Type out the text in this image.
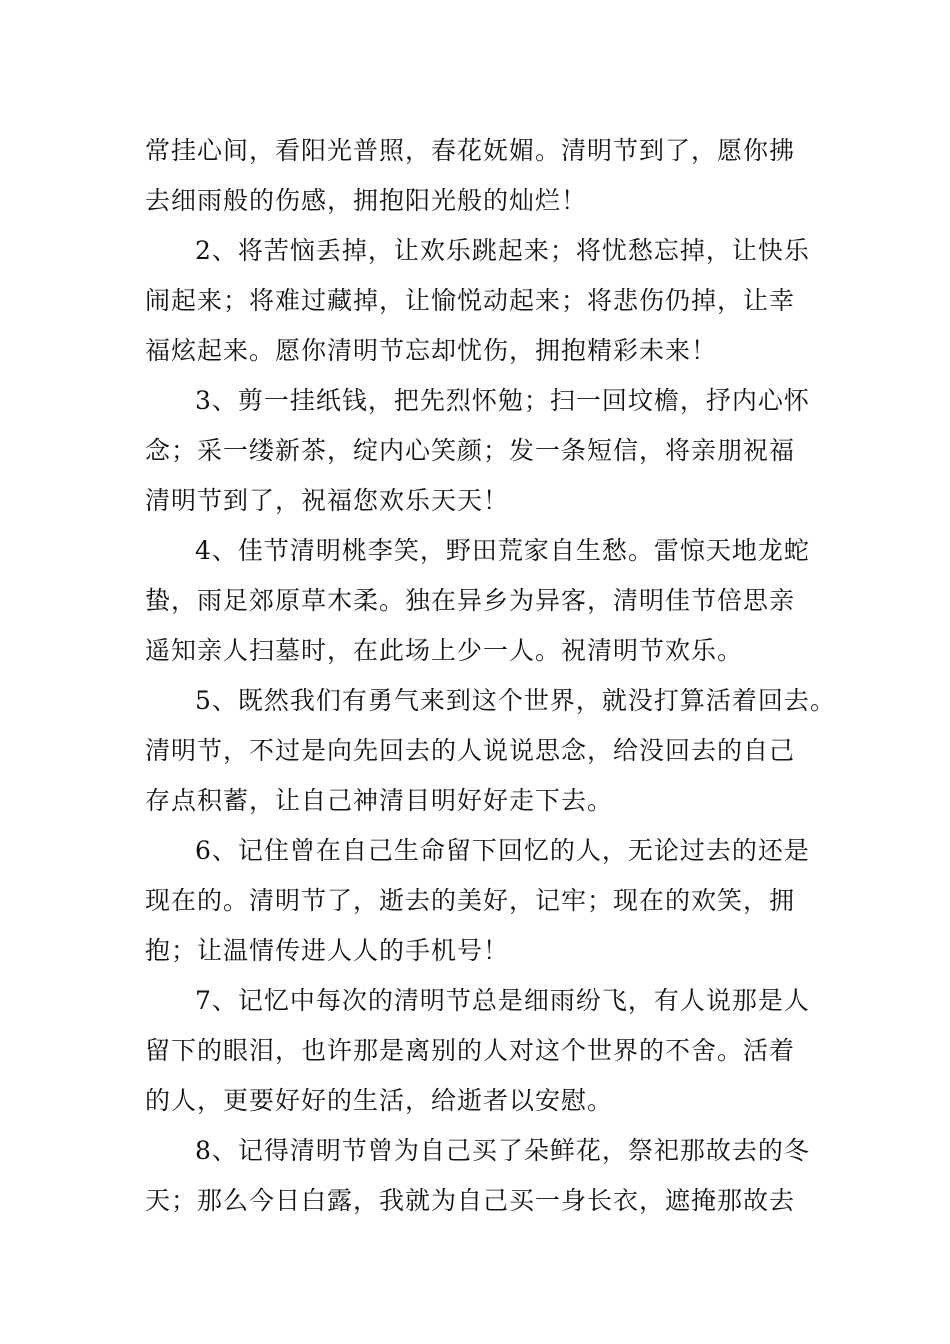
常挂心间，看阳光普照，春花妩媚。清明节到了，愿你拂
去细雨般的伤感，拥抱阳光般的灿烂！
2、将苦恼丢掉，让欢乐跳起来；将忧愁忘掉，让快乐
闹起来；将难过藏掉，让愉悦动起来；将悲伤仍掉，让幸
福炫起来。愿你清明节忘却忧伤，拥抱精彩未来！
3、剪一挂纸钱，把先烈怀勉；扫一回坟檐，抒内心怀
念；采一缕新茶，绽内心笑颜；发一条短信，将亲朋祝福
清明节到了，祝福您欢乐天天！
4、佳节清明桃李笑，野田荒家自生愁。雷惊天地龙蛇
蛰，雨足郊原草木柔。独在异乡为异客，清明佳节倍思亲
遥知亲人扫墓时，在此场上少一人。祝清明节欢乐。
5、既然我们有勇气来到这个世界，就没打算活着回去。
清明节，不过是向先回去的人说说思念，给没回去的自己
存点积蓄，让自己神清目明好好走下去。
6、记住曾在自己生命留下回忆的人，无论过去的还是
现在的。清明节了，逝去的美好，记牢；现在的欢笑，拥
抱；让温情传进人人的手机号！
7、记忆中每次的清明节总是细雨纷飞，有人说那是人
留下的眼泪，也许那是离别的人对这个世界的不舍。活着
的人，更要好好的生活，给逝者以安慰。
8、记得清明节曾为自己买了朵鲜花，祭祀那故去的冬
天；那么今日白露，我就为自己买一身长衣，遮掩那故去
